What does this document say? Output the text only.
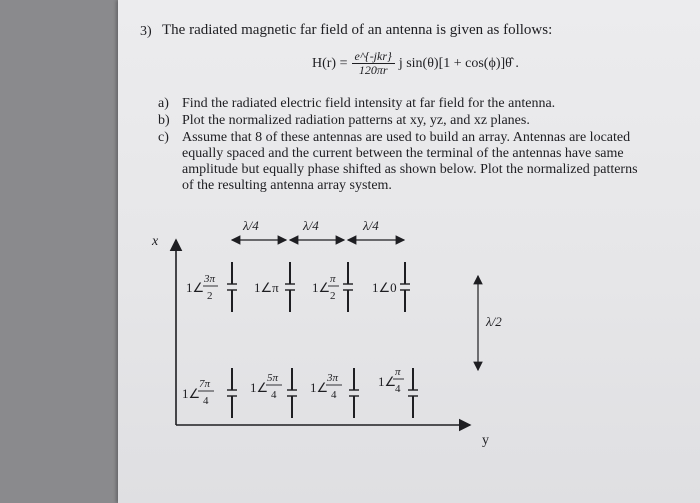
3) The radiated magnetic far field of an antenna is given as follows:
$H(r) = \frac{\text{e\textasciicircum{}\{-jkr\}}}{120\pi r}$ j sin(θ)[1 + cos(ϕ)]θ̂ .
a) Find the radiated electric field intensity at far field for the antenna.
b) Plot the normalized radiation patterns at xy, yz, and xz planes.
c) Assume that 8 of these antennas are used to build an array. Antennas are located
equally spaced and the current between the terminal of the antennas have same
amplitude but equally phase shifted as shown below. Plot the normalized patterns
of the resulting antenna array system.
x
y
λ/4	λ/4	λ/4
λ/2
1∠
3π
2
1∠π	1∠
π
2
1∠0
1∠
7π
4
1∠
5π
4	1∠
3π
4
1∠
π
4
